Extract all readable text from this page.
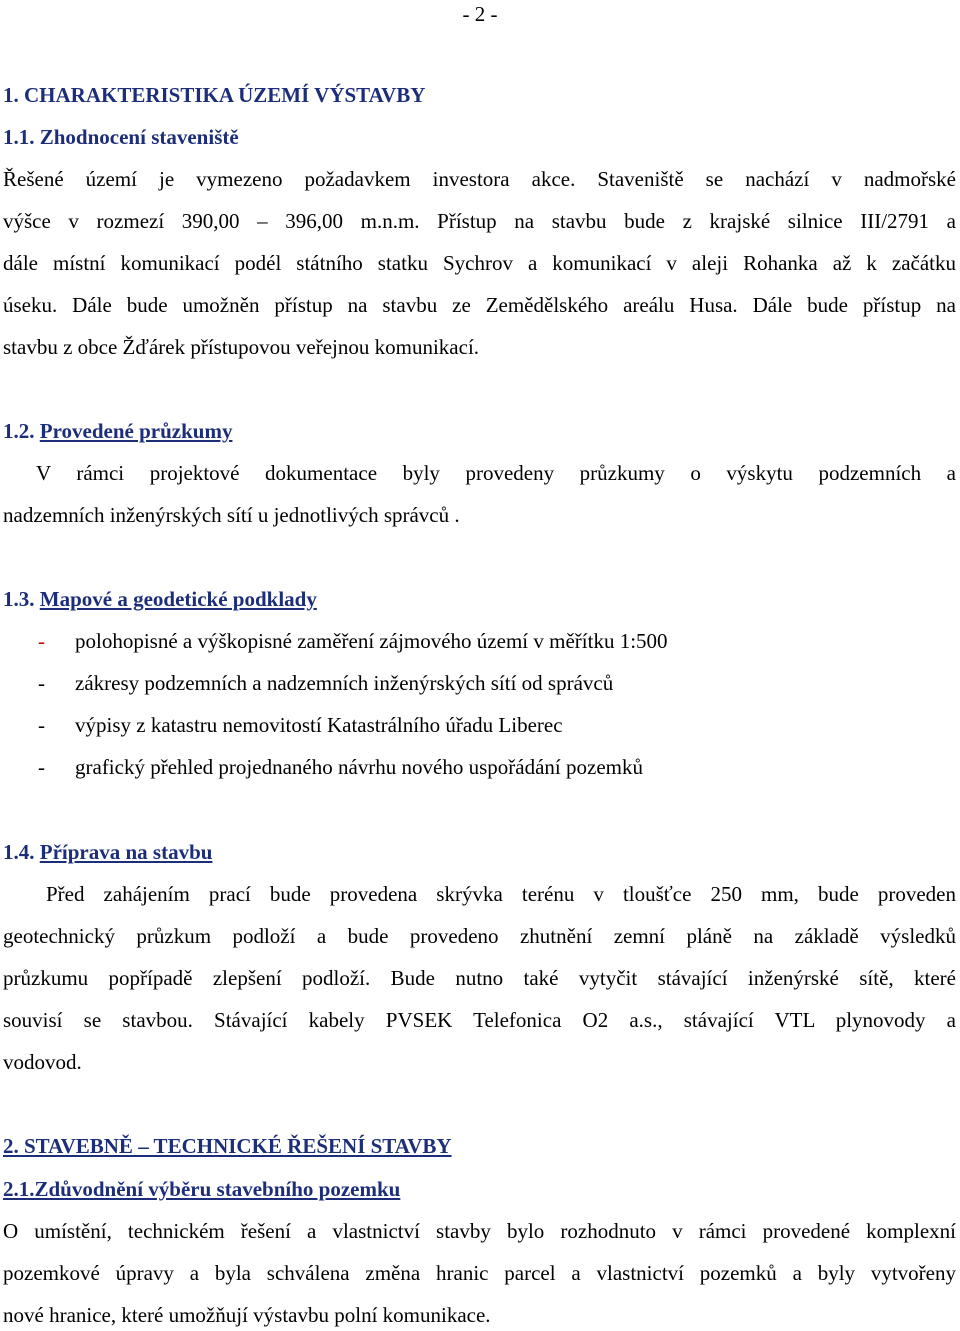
- 2 -
1. CHARAKTERISTIKA ÚZEMÍ VÝSTAVBY
1.1. Zhodnocení staveniště
Řešené území je vymezeno požadavkem investora akce. Staveniště se nachází v nadmořské
výšce v rozmezí 390,00 – 396,00 m.n.m. Přístup na stavbu bude z krajské silnice III/2791 a
dále místní komunikací podél státního statku Sychrov a komunikací v aleji Rohanka až k začátku
úseku. Dále bude umožněn přístup na stavbu ze Zemědělského areálu Husa. Dále bude přístup na
stavbu z obce Žďárek přístupovou veřejnou komunikací.
1.2. Provedené průzkumy
V rámci projektové dokumentace byly provedeny průzkumy o výskytu podzemních a
nadzemních inženýrských sítí u jednotlivých správců .
1.3. Mapové a geodetické podklady
- polohopisné a výškopisné zaměření zájmového území v měřítku 1:500
- zákresy podzemních a nadzemních inženýrských sítí od správců
- výpisy z katastru nemovitostí Katastrálního úřadu Liberec
- grafický přehled projednaného návrhu nového uspořádání pozemků
1.4. Příprava na stavbu
Před zahájením prací bude provedena skrývka terénu v tloušťce 250 mm, bude proveden
geotechnický průzkum podloží a bude provedeno zhutnění zemní pláně na základě výsledků
průzkumu popřípadě zlepšení podloží. Bude nutno také vytyčit stávající inženýrské sítě, které
souvisí se stavbou. Stávající kabely PVSEK Telefonica O2 a.s., stávající VTL plynovody a
vodovod.
2. STAVEBNĚ – TECHNICKÉ ŘEŠENÍ STAVBY
2.1.Zdůvodnění výběru stavebního pozemku
O umístění, technickém řešení a vlastnictví stavby bylo rozhodnuto v rámci provedené komplexní
pozemkové úpravy a byla schválena změna hranic parcel a vlastnictví pozemků a byly vytvořeny
nové hranice, které umožňují výstavbu polní komunikace.
